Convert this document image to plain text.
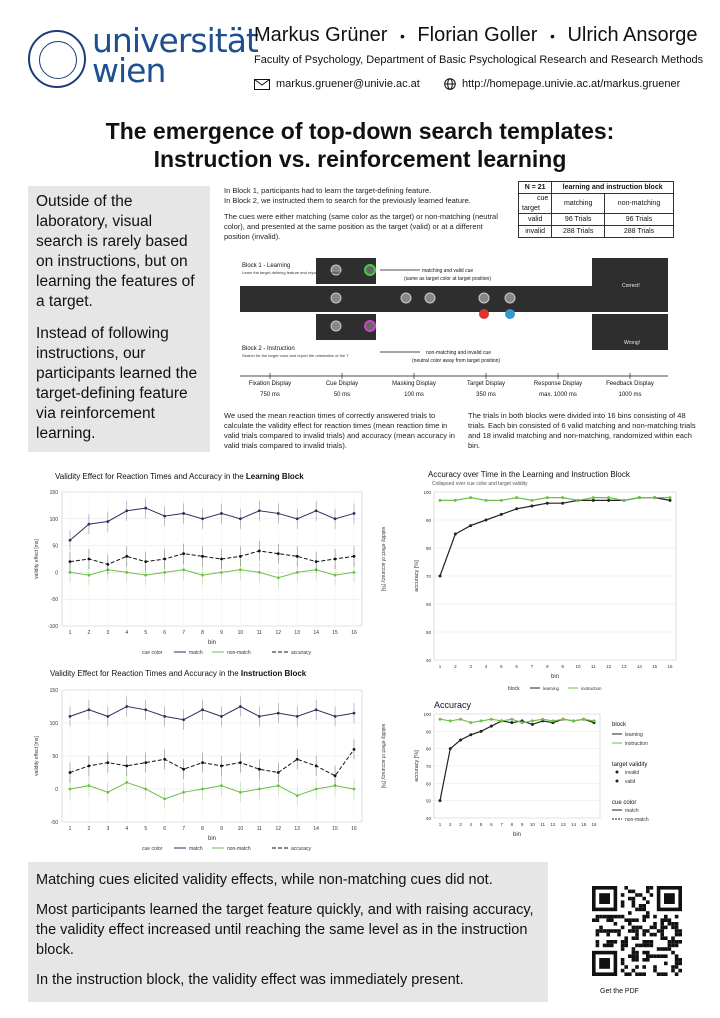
universität
wien
Markus Grüner • Florian Goller • Ulrich Ansorge
Faculty of Psychology, Department of Basic Psychological Research and Research Methods
markus.gruener@univie.ac.at	http://homepage.univie.ac.at/markus.gruener
The emergence of top-down search templates:
Instruction vs. reinforcement learning

Outside of the laboratory, visual search is rarely based on instructions, but on learning the features of a target.

Instead of following instructions, our participants learned the target-defining feature via reinforcement learning.

In Block 1, participants had to learn the target-defining feature.
In Block 2, we instructed them to search for the previously learned feature.
The cues were either matching (same color as the target) or non-matching (neutral color), and presented at the same position as the target (valid) or at a different position (invalid).
N = 21	learning and instruction block	

cue
target	matching	non-matching
valid	96 Trials	96 Trials
invalid	288 Trials	288 Trials
Block 1 - Learning
Learn the target-defining feature and report the orientation of the T
Block 2 - Instruction
Search for the target color and report the orientation of the T
matching and valid cue
(same as target color at target position)
non-matching and invalid cue
(neutral color away from target position)
Correct!
Wrong!
Fixation Display
750 ms
Cue Display
50 ms
Masking Display
100 ms
Target Display
350 ms
Response Display
max. 1000 ms
Feedback Display
1000 ms
We used the mean reaction times of correctly answered trials to calculate the validity effect for reaction times (mean reaction time in valid trials compared to invalid trials) and accuracy (mean accuracy in valid trials compared to invalid trials).
The trials in both blocks were divided into 16 bins consisting of 48 trials. Each bin consisted of 6 valid matching and non-matching trials and 18 invalid matching and non-matching, randomized within each bin.
Validity Effect for Reaction Times and Accuracy in the Learning Block
-100
-50
0
50
100
150
1	2	3	4	5	6	7	8	9	10	11	12	13	14	15	16
validity effect [ms]	validity effect of accuracy [%]
bin
cue color	match	non-match	accuracy
Validity Effect for Reaction Times and Accuracy in the Instruction Block
-50
0
50
100
150
1	2	3	4	5	6	7	8	9	10	11	12	13	14	15	16
validity effect [ms]	validity effect of accuracy [%]
bin
cue color	match	non-match	accuracy
Accuracy over Time in the Learning and Instruction Block
Collapsed over cue color and target validity
40
50
60
70
80
90
100
1	2	3	4	5	6	7	8	9	10 11 12 13 14 15 16
accuracy [%]
bin
block	learning	instruction
Accuracy
40
50
60
70
80
90
100
1 2 3 4 5 6 7 8 9 10 11 12 13 14 15 16
accuracy [%]
bin
block
learning
instruction
target validity
invalid
valid
cue color
match
non-match

Matching cues elicited validity effects, while non-matching cues did not.

Most participants learned the target feature quickly, and with raising accuracy, the validity effect increased until reaching the same level as in the instruction block.

In the instruction block, the validity effect was immediately present.

Get the PDF
